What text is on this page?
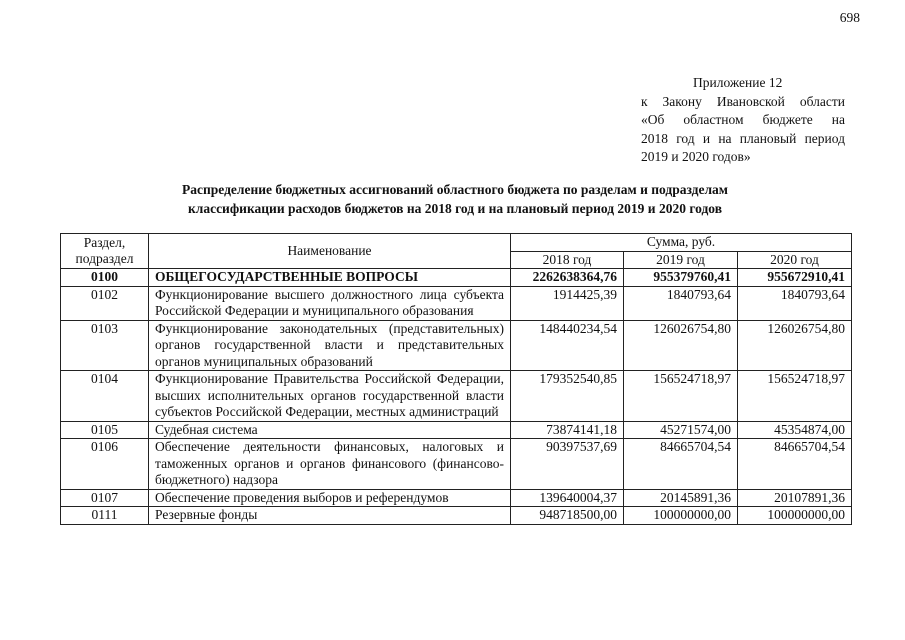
698
Приложение 12
к Закону Ивановской области
«Об областном бюджете на
2018 год и на плановый период
2019 и 2020 годов»
Распределение бюджетных ассигнований областного бюджета по разделам и подразделам
классификации расходов бюджетов на 2018 год и на плановый период 2019 и 2020 годов
Раздел, подраздел	Наименование	Сумма, руб.		
		2018 год	2019 год	2020 год
0100	ОБЩЕГОСУДАРСТВЕННЫЕ ВОПРОСЫ	2262638364,76	955379760,41	955672910,41
0102	Функционирование высшего должностного лица субъекта Российской Федерации и муниципального образования	1914425,39	1840793,64	1840793,64
0103	Функционирование законодательных (представительных) органов государственной власти и представительных органов муниципальных образований	148440234,54	126026754,80	126026754,80
0104	Функционирование Правительства Российской Федерации, высших исполнительных органов государственной власти субъектов Российской Федерации, местных администраций	179352540,85	156524718,97	156524718,97
0105	Судебная система	73874141,18	45271574,00	45354874,00
0106	Обеспечение деятельности финансовых, налоговых и таможенных органов и органов финансового (финансово-бюджетного) надзора	90397537,69	84665704,54	84665704,54
0107	Обеспечение проведения выборов и референдумов	139640004,37	20145891,36	20107891,36
0111	Резервные фонды	948718500,00	100000000,00	100000000,00
